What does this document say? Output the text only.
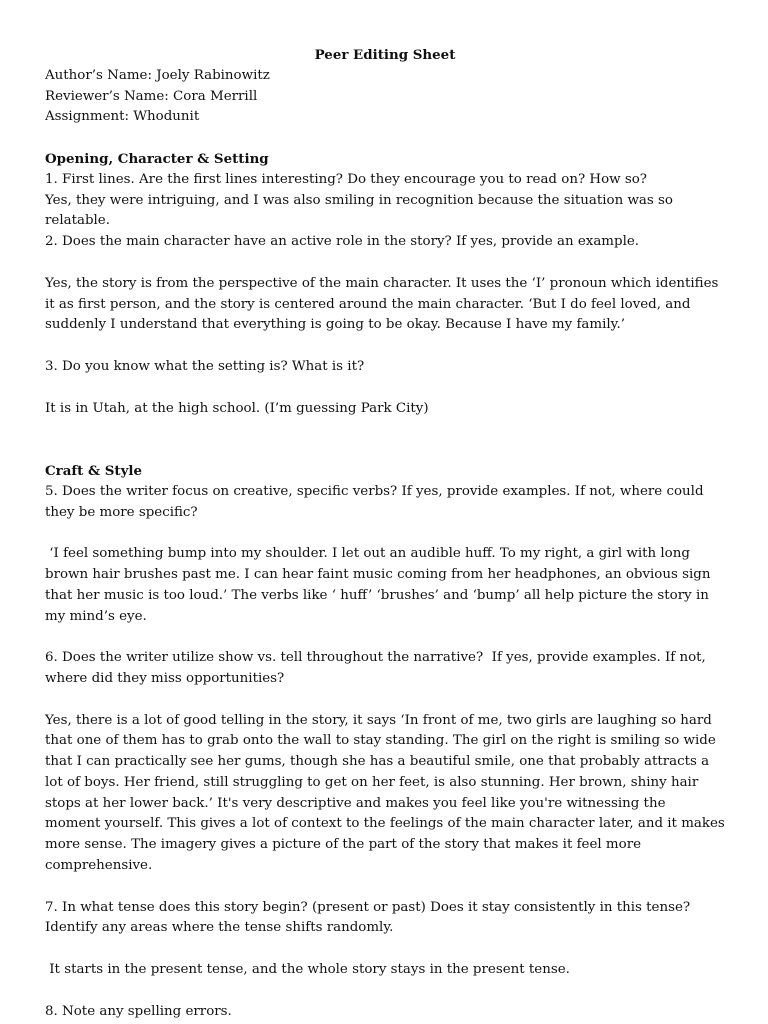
Peer Editing Sheet

Author’s Name: Joely Rabinowitz

Reviewer’s Name: Cora Merrill

Assignment: Whodunit

Opening, Character & Setting

1. First lines. Are the first lines interesting? Do they encourage you to read on? How so?

Yes, they were intriguing, and I was also smiling in recognition because the situation was so relatable.

2. Does the main character have an active role in the story? If yes, provide an example.

Yes, the story is from the perspective of the main character. It uses the ‘I’ pronoun which identifies it as first person, and the story is centered around the main character. ‘But I do feel loved, and suddenly I understand that everything is going to be okay. Because I have my family.’

3. Do you know what the setting is? What is it?

It is in Utah, at the high school. (I’m guessing Park City)

Craft & Style

5. Does the writer focus on creative, specific verbs? If yes, provide examples. If not, where could they be more specific?

‘I feel something bump into my shoulder. I let out an audible huff. To my right, a girl with long brown hair brushes past me. I can hear faint music coming from her headphones, an obvious sign that her music is too loud.’ The verbs like ‘ huff’ ‘brushes’ and ‘bump’ all help picture the story in my mind’s eye.

6. Does the writer utilize show vs. tell throughout the narrative?  If yes, provide examples. If not, where did they miss opportunities?

Yes, there is a lot of good telling in the story, it says ‘In front of me, two girls are laughing so hard that one of them has to grab onto the wall to stay standing. The girl on the right is smiling so wide that I can practically see her gums, though she has a beautiful smile, one that probably attracts a lot of boys. Her friend, still struggling to get on her feet, is also stunning. Her brown, shiny hair stops at her lower back.’ It's very descriptive and makes you feel like you're witnessing the moment yourself. This gives a lot of context to the feelings of the main character later, and it makes more sense. The imagery gives a picture of the part of the story that makes it feel more comprehensive.

7. In what tense does this story begin? (present or past) Does it stay consistently in this tense? Identify any areas where the tense shifts randomly.

It starts in the present tense, and the whole story stays in the present tense.

8. Note any spelling errors.
